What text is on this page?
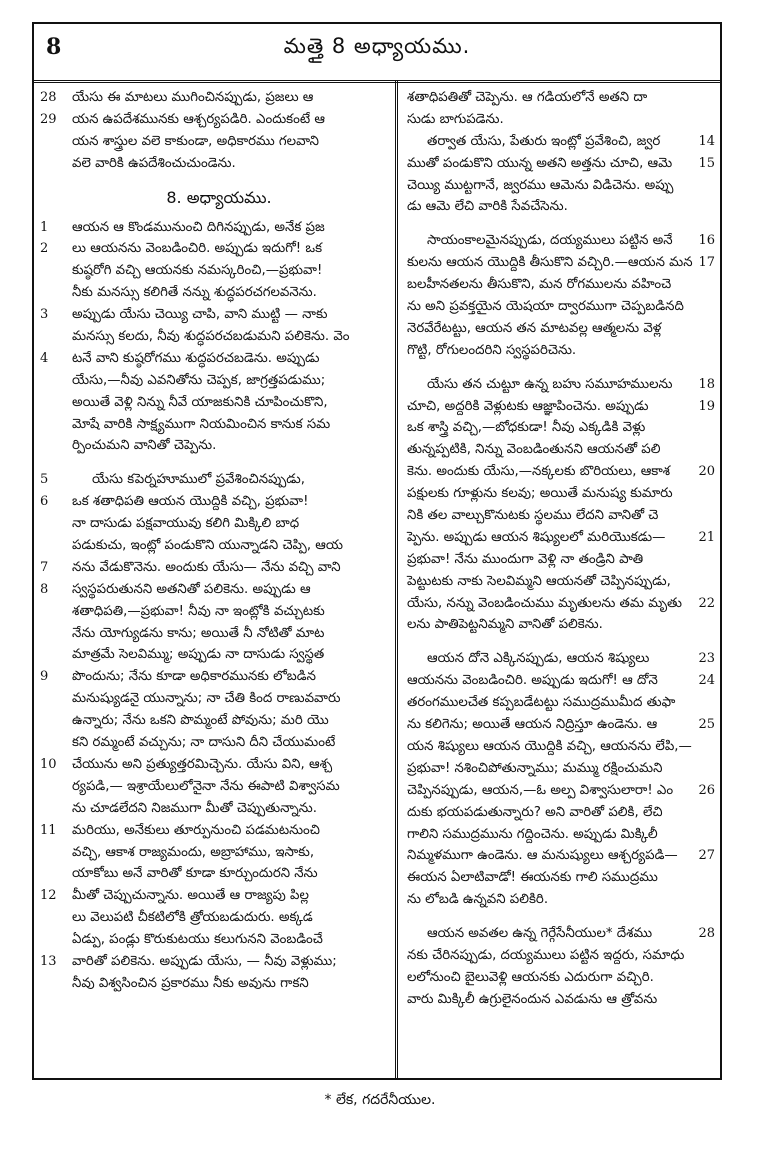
8	మత్తై 8 అధ్యాయము.
28	యేసు ఈ మాటలు ముగించినప్పుడు, ప్రజలు ఆ
29	యన ఉపదేశమునకు ఆశ్చర్యపడిరి. ఎందుకంటే ఆ
యన శాస్త్రుల వలె కాకుండా, అధికారము గలవాని
వలె వారికి ఉపదేశించుచుండెను.
8. అధ్యాయము.
1	ఆయన ఆ కొండమునుంచి దిగినప్పుడు, అనేక ప్రజ
2	లు ఆయనను వెంబడించిరి. అప్పుడు ఇదుగో! ఒక
కుష్ఠరోగి వచ్చి ఆయనకు నమస్కరించి,—ప్రభువా!
నీకు మనస్సు కలిగితే నన్ను శుద్ధపరచగలవనెను.
3	అప్పుడు యేసు చెయ్యి చాపి, వాని ముట్టి — నాకు
మనస్సు కలదు, నీవు శుద్ధపరచబడుమని పలికెను. వెం
4	టనే వాని కుష్ఠరోగము శుద్ధపరచబడెను. అప్పుడు
యేసు,—నీవు ఎవనితోను చెప్పక, జాగ్రత్తపడుము;
అయితే వెళ్లి నిన్ను నీవే యాజకునికి చూపించుకొని,
మోషే వారికి సాక్ష్యముగా నియమించిన కానుక సమ
ర్పించుమని వానితో చెప్పెను.
5	యేసు కపెర్నహూములో ప్రవేశించినప్పుడు,
6	ఒక శతాధిపతి ఆయన యొద్దికి వచ్చి, ప్రభువా!
నా దాసుడు పక్షవాయువు కలిగి మిక్కిలి బాధ
పడుకుచు, ఇంట్లో పండుకొని యున్నాడని చెప్పి, ఆయ
7	నను వేడుకొనెను. అందుకు యేసు— నేను వచ్చి వాని
8	స్వస్థపరుతునని అతనితో పలికెను. అప్పుడు ఆ
శతాధిపతి,—ప్రభువా! నీవు నా ఇంట్లోకి వచ్చుటకు
నేను యోగ్యుడను కాను; అయితే నీ నోటితో మాట
మాత్రమే సెలవిమ్ము; అప్పుడు నా దాసుడు స్వస్థత
9	పొందును; నేను కూడా అధికారమునకు లోబడిన
మనుష్యుడనై యున్నాను; నా చేతి కింద రాణువవారు
ఉన్నారు; నేను ఒకని పొమ్మంటే పోవును; మరి యొ
కని రమ్మంటే వచ్చును; నా దాసుని దీని చేయుమంటే
10	చేయును అని ప్రత్యుత్తరమిచ్చెను. యేసు విని, ఆశ్చ
ర్యపడి,— ఇశ్రాయేలులోనైనా నేను ఈపాటి విశ్వాసమ
ను చూడలేదని నిజముగా మీతో చెప్పుతున్నాను.
11	మరియు, అనేకులు తూర్పునుంచి పడమటనుంచి
వచ్చి, ఆకాశ రాజ్యమందు, అబ్రాహాము, ఇసాకు,
యాకోబు అనే వారితో కూడా కూర్చుందురని నేను
12	మీతో చెప్పుచున్నాను. అయితే ఆ రాజ్యపు పిల్ల
లు వెలుపటి చీకటిలోకి త్రోయబడుదురు. అక్కడ
ఏడ్పు, పండ్లు కొరుకుటయు కలుగునని వెంబడించే
13	వారితో పలికెను. అప్పుడు యేసు, — నీవు వెళ్లుము;
నీవు విశ్వసించిన ప్రకారము నీకు అవును గాకని
శతాధిపతితో చెప్పెను. ఆ గడియలోనే అతని దా
సుడు బాగుపడెను.
14
తర్వాత యేసు, పేతురు ఇంట్లో ప్రవేశించి, జ్వర
15
ముతో పండుకొని యున్న అతని అత్తను చూచి, ఆమె
చెయ్యి ముట్టగానే, జ్వరము ఆమెను విడిచెను. అప్పు
డు ఆమె లేచి వారికి సేవచేసెను.
16
సాయంకాలమైనప్పుడు, దయ్యములు పట్టిన అనే
17
కులను ఆయన యొద్దికి తీసుకొని వచ్చిరి.—ఆయన మన
బలహీనతలను తీసుకొని, మన రోగములను వహించె
ను అని ప్రవక్తయైన యెషయా ద్వారముగా చెప్పబడినది
నెరవేరేటట్టు, ఆయన తన మాటవల్ల ఆత్మలను వెళ్ల
గొట్టి, రోగులందరిని స్వస్థపరిచెను.
18
యేసు తన చుట్టూ ఉన్న బహు సమూహములను
19
చూచి, అద్దరికి వెళ్లుటకు ఆజ్ఞాపించెను. అప్పుడు
ఒక శాస్త్రి వచ్చి,—బోధకుడా! నీవు ఎక్కడికి వెళ్లు
తున్నప్పటికి, నిన్ను వెంబడింతునని ఆయనతో పలి
20
కెను. అందుకు యేసు,—నక్కలకు బొరియలు, ఆకాశ
పక్షులకు గూళ్లును కలవు; అయితే మనుష్య కుమారు
నికి తల వాల్చుకొనుటకు స్థలము లేదని వానితో చె
21
ప్పెను. అప్పుడు ఆయన శిష్యులలో మరియొకడు—
ప్రభువా! నేను ముందుగా వెళ్లి నా తండ్రిని పాతి
పెట్టుటకు నాకు సెలవిమ్మని ఆయనతో చెప్పినప్పుడు,
22
యేసు, నన్ను వెంబడించుము మృతులను తమ మృతు
లను పాతిపెట్టనిమ్మని వానితో పలికెను.
23
ఆయన దోనె ఎక్కినప్పుడు, ఆయన శిష్యులు
24
ఆయనను వెంబడించిరి. అప్పుడు ఇదుగో! ఆ దోనె
తరంగములచేత కప్పబడేటట్టు సముద్రముమీద తుఫా
25
ను కలిగెను; అయితే ఆయన నిద్రిస్తూ ఉండెను. ఆ
యన శిష్యులు ఆయన యొద్దికి వచ్చి, ఆయనను లేపి,—
ప్రభువా! నశించిపోతున్నాము; మమ్ము రక్షించుమని
26
చెప్పినప్పుడు, ఆయన,—ఓ అల్ప విశ్వాసులారా! ఎం
దుకు భయపడుతున్నారు? అని వారితో పలికి, లేచి
గాలిని సముద్రమును గద్దించెను. అప్పుడు మిక్కిలీ
27
నిమ్మళముగా ఉండెను. ఆ మనుష్యులు ఆశ్చర్యపడి—
ఈయన ఏలాటివాడో! ఈయనకు గాలి సముద్రము
ను లోబడి ఉన్నవని పలికిరి.
28
ఆయన అవతల ఉన్న గెర్గేసేనీయుల* దేశము
నకు చేరినప్పుడు, దయ్యములు పట్టిన ఇద్దరు, సమాధు
లలోనుంచి బైలువెళ్లి ఆయనకు ఎదురుగా వచ్చిరి.
వారు మిక్కిలీ ఉగ్రులైనందున ఎవడును ఆ త్రోవను
* లేక, గదరేనీయుల.
